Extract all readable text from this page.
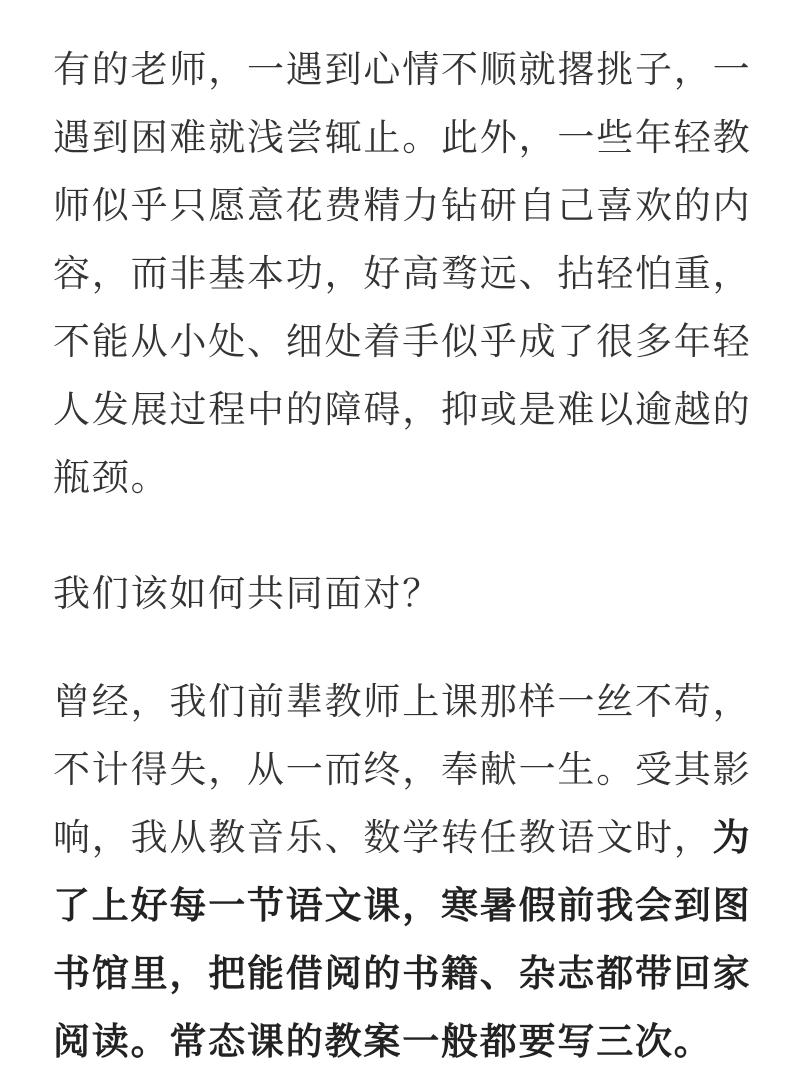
有的老师，一遇到心情不顺就撂挑子，一
遇到困难就浅尝辄止。此外，一些年轻教
师似乎只愿意花费精力钻研自己喜欢的内
容，而非基本功，好高骛远、拈轻怕重，
不能从小处、细处着手似乎成了很多年轻
人发展过程中的障碍，抑或是难以逾越的
瓶颈。
我们该如何共同面对？
曾经，我们前辈教师上课那样一丝不苟，
不计得失，从一而终，奉献一生。受其影
响，我从教音乐、数学转任教语文时，为
了上好每一节语文课，寒暑假前我会到图
书馆里，把能借阅的书籍、杂志都带回家
阅读。常态课的教案一般都要写三次。
